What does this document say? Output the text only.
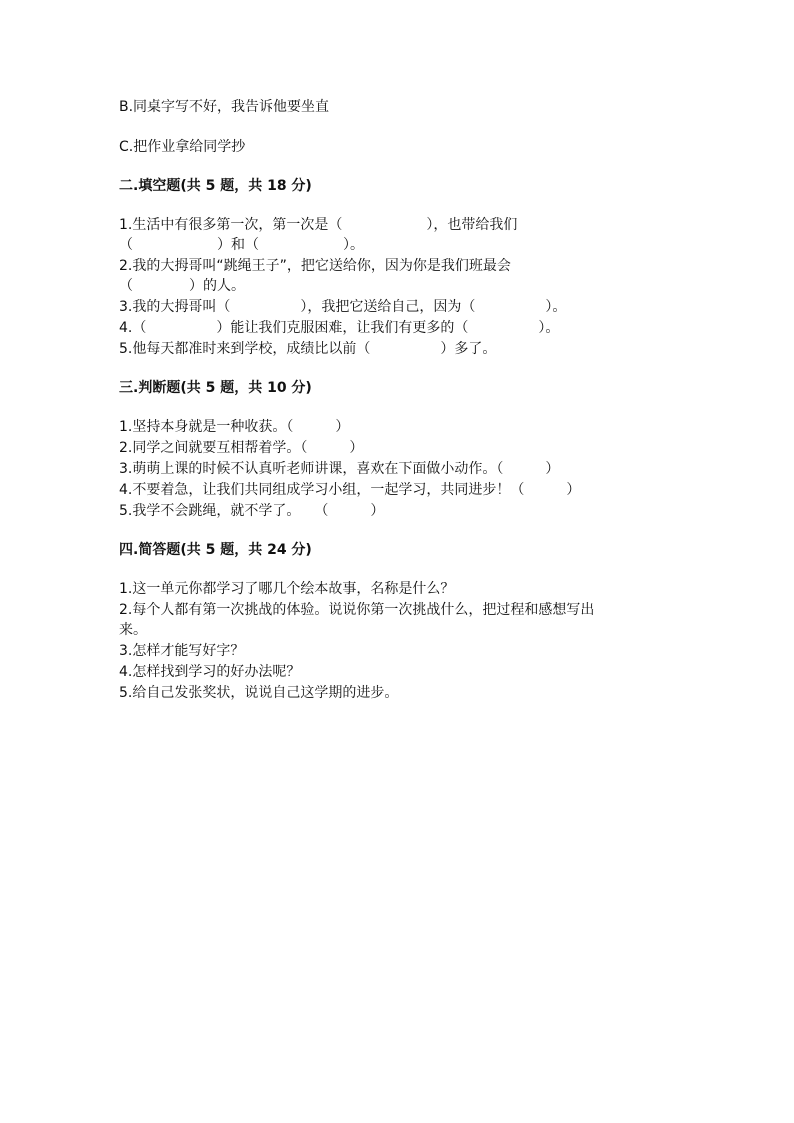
B.同桌字写不好，我告诉他要坐直
C.把作业拿给同学抄
二.填空题(共 5 题，共 18 分)
1.生活中有很多第一次，第一次是（　　　　　　），也带给我们
（　　　　　　）和（　　　　　　）。
2.我的大拇哥叫“跳绳王子”，把它送给你，因为你是我们班最会
（　　　　）的人。
3.我的大拇哥叫（　　　　　），我把它送给自己，因为（　　　　　）。
4.（　　　　　）能让我们克服困难，让我们有更多的（　　　　　）。
5.他每天都准时来到学校，成绩比以前（　　　　　）多了。
三.判断题(共 5 题，共 10 分)
1.坚持本身就是一种收获。（　　　）
2.同学之间就要互相帮着学。（　　　）
3.萌萌上课的时候不认真听老师讲课，喜欢在下面做小动作。（　　　）
4.不要着急，让我们共同组成学习小组，一起学习，共同进步！（　　　）
5.我学不会跳绳，就不学了。　　（　　　）
四.简答题(共 5 题，共 24 分)
1.这一单元你都学习了哪几个绘本故事，名称是什么？
2.每个人都有第一次挑战的体验。说说你第一次挑战什么，把过程和感想写出
来。
3.怎样才能写好字？
4.怎样找到学习的好办法呢？
5.给自己发张奖状，说说自己这学期的进步。
